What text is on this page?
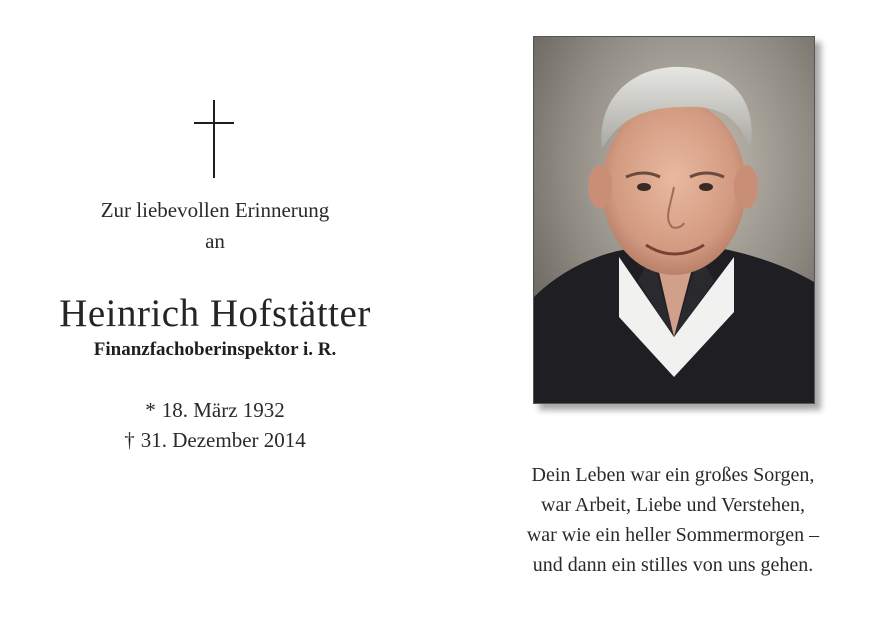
Zur liebevollen Erinnerung
an
Heinrich Hofstätter
Finanzfachoberinspektor i. R.
* 18. März 1932
† 31. Dezember 2014
Dein Leben war ein großes Sorgen,
war Arbeit, Liebe und Verstehen,
war wie ein heller Sommermorgen –
und dann ein stilles von uns gehen.
